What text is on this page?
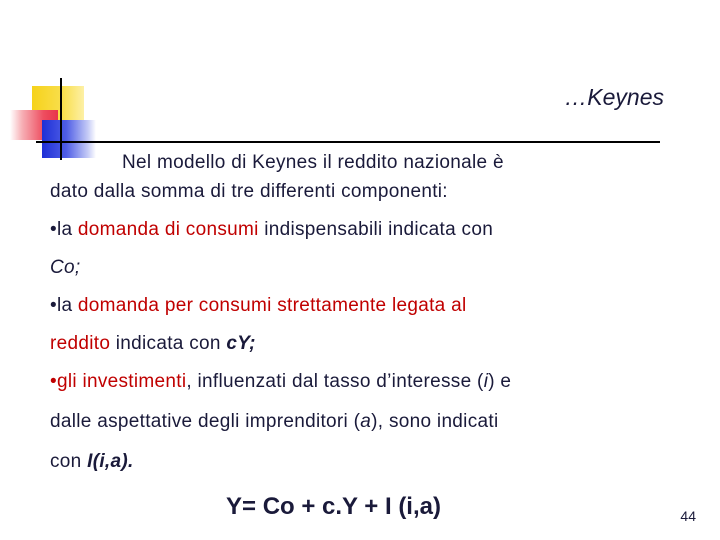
…Keynes

Nel modello di Keynes il reddito nazionale è

dato dalla somma di tre differenti componenti:

•la domanda di consumi indispensabili indicata con

Co;

•la domanda per consumi strettamente legata al

reddito indicata con cY;

•gli investimenti, influenzati dal tasso d’interesse (i) e

dalle aspettative degli imprenditori (a), sono indicati

con I(i,a).

Y= Co + c.Y + I (i,a)	44
